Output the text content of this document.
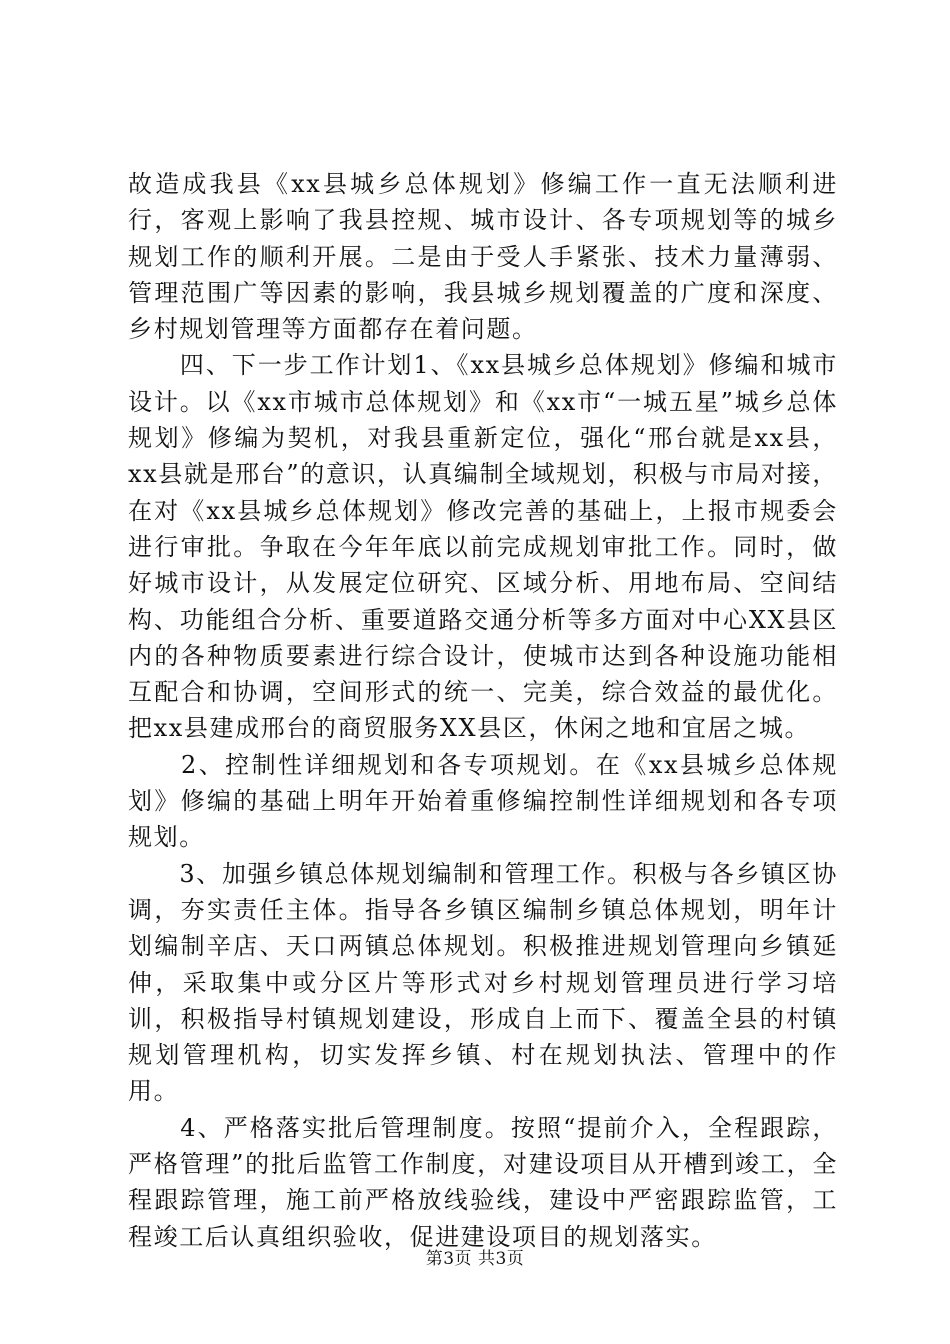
故造成我县《xx县城乡总体规划》修编工作一直无法顺利进行，客观上影响了我县控规、城市设计、各专项规划等的城乡规划工作的顺利开展。二是由于受人手紧张、技术力量薄弱、管理范围广等因素的影响，我县城乡规划覆盖的广度和深度、乡村规划管理等方面都存在着问题。

　　四、下一步工作计划1、《xx县城乡总体规划》修编和城市设计。以《xx市城市总体规划》和《xx市“一城五星”城乡总体规划》修编为契机，对我县重新定位，强化“邢台就是xx县，xx县就是邢台”的意识，认真编制全域规划，积极与市局对接，在对《xx县城乡总体规划》修改完善的基础上，上报市规委会进行审批。争取在今年年底以前完成规划审批工作。同时，做好城市设计，从发展定位研究、区域分析、用地布局、空间结构、功能组合分析、重要道路交通分析等多方面对中心XX县区内的各种物质要素进行综合设计，使城市达到各种设施功能相互配合和协调，空间形式的统一、完美，综合效益的最优化。把xx县建成邢台的商贸服务XX县区，休闲之地和宜居之城。

　　2、控制性详细规划和各专项规划。在《xx县城乡总体规划》修编的基础上明年开始着重修编控制性详细规划和各专项规划。

　　3、加强乡镇总体规划编制和管理工作。积极与各乡镇区协调，夯实责任主体。指导各乡镇区编制乡镇总体规划，明年计划编制辛店、天口两镇总体规划。积极推进规划管理向乡镇延伸，采取集中或分区片等形式对乡村规划管理员进行学习培训，积极指导村镇规划建设，形成自上而下、覆盖全县的村镇规划管理机构，切实发挥乡镇、村在规划执法、管理中的作用。

　　4、严格落实批后管理制度。按照“提前介入，全程跟踪，严格管理”的批后监管工作制度，对建设项目从开槽到竣工，全程跟踪管理，施工前严格放线验线，建设中严密跟踪监管，工程竣工后认真组织验收，促进建设项目的规划落实。

第3页 共3页
